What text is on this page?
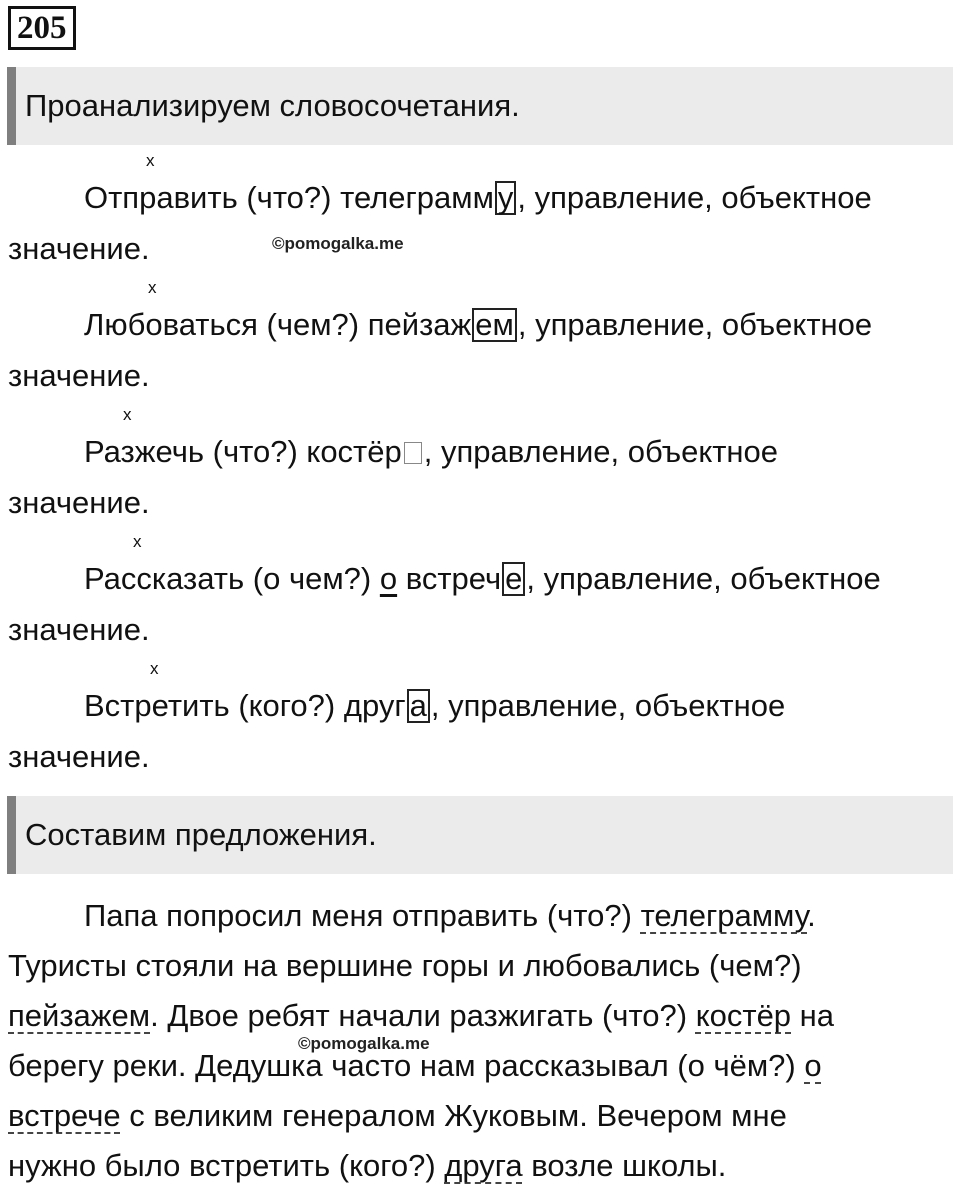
205
Проанализируем словосочетания.
x
Отправить (что?) телеграмм у , управление, объектное
значение.	©pomogalka.me
x
Любоваться (чем?) пейзаж ем , управление, объектное
значение.
x
Разжечь (что?) костёр , управление, объектное
значение.
x
Рассказать (о чем?) о встреч е , управление, объектное
значение.
x
Встретить (кого?) друг а , управление, объектное
значение.
Составим предложения.
Папа попросил меня отправить (что?) телеграмму.
Туристы стояли на вершине горы и любовались (чем?)
пейзажем. Двое ребят начали разжигать (что?) костёр на
©pomogalka.me
берегу реки. Дедушка часто нам рассказывал (о чём?) о
встрече с великим генералом Жуковым. Вечером мне
нужно было встретить (кого?) друга возле школы.
